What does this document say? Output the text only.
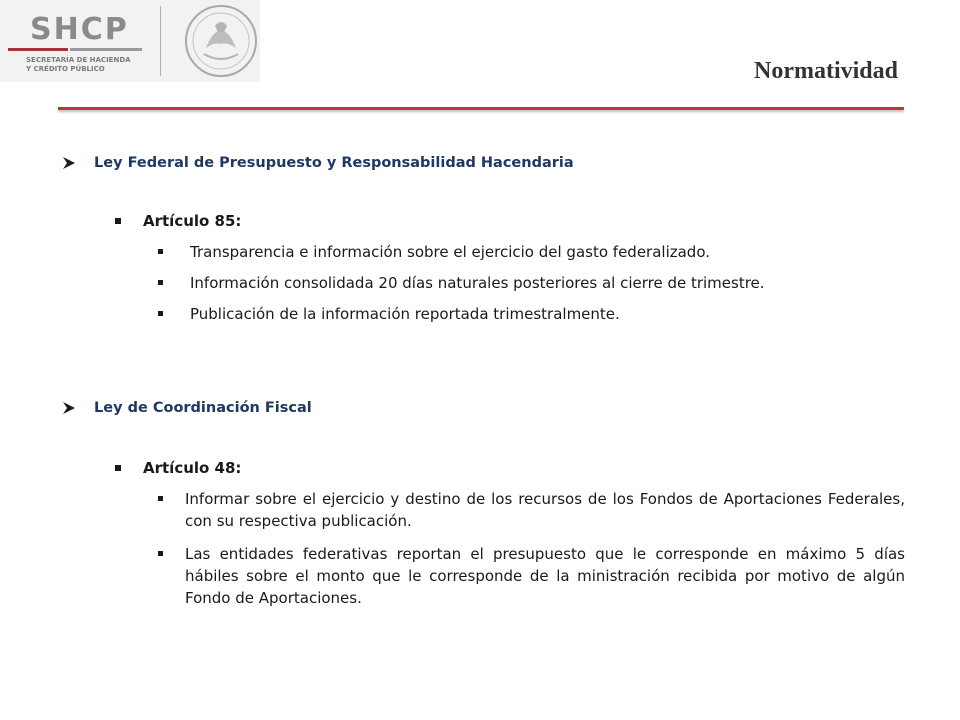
SHCP
SECRETARÍA DE HACIENDA
Y CRÉDITO PÚBLICO	Normatividad
Ley Federal de Presupuesto y Responsabilidad Hacendaria
Artículo 85:
Transparencia e información sobre el ejercicio del gasto federalizado.
Información consolidada 20 días naturales posteriores al cierre de trimestre.
Publicación de la información reportada trimestralmente.
Ley de Coordinación Fiscal
Artículo 48:
Informar sobre el ejercicio y destino de los recursos de los Fondos de Aportaciones Federales, con su respectiva publicación.
Las entidades federativas reportan el presupuesto que le corresponde en máximo 5 días hábiles sobre el monto que le corresponde de la ministración recibida por motivo de algún Fondo de Aportaciones.
